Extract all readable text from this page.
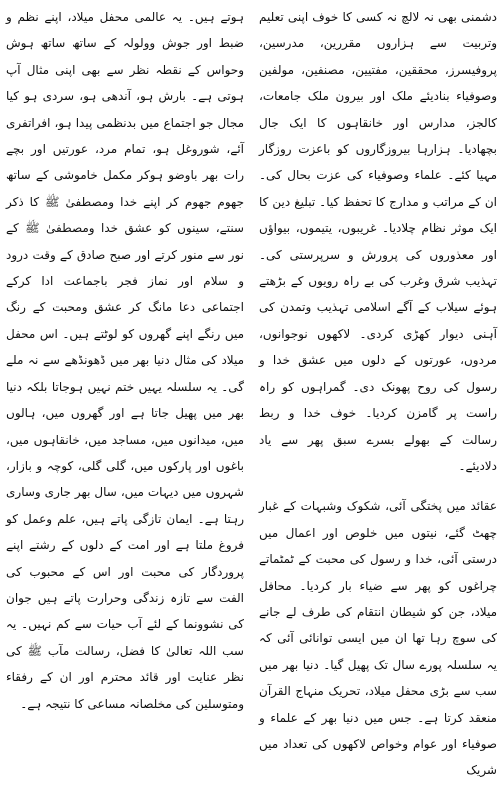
دشمنی بھی نہ لالچ نہ کسی کا خوف اپنی تعلیم وتربیت سے ہزاروں مقررین، مدرسین، پروفیسرز، محققین، مفتیین، مصنفین، مولفین وصوفیاء بنادیئے ملک اور بیرون ملک جامعات، کالجز، مدارس اور خانقاہوں کا ایک جال بچھادیا۔ ہزارہا بیروزگاروں کو باعزت روزگار مہیا کئے۔ علماء وصوفیاء کی عزت بحال کی۔ ان کے مراتب و مدارج کا تحفظ کیا۔ تبلیغ دین کا ایک موثر نظام چلادیا۔ غریبوں، یتیموں، بیواؤں اور معذوروں کی پرورش و سرپرستی کی۔ تہذیب شرق وغرب کی بے راہ رویوں کے بڑھتے ہوئے سیلاب کے آگے اسلامی تہذیب وتمدن کی آہنی دیوار کھڑی کردی۔ لاکھوں نوجوانوں، مردوں، عورتوں کے دلوں میں عشق خدا و رسول کی روح پھونک دی۔ گمراہوں کو راہ راست پر گامزن کردیا۔ خوف خدا و ربط رسالت کے بھولے بسرے سبق پھر سے یاد دلادیئے۔

عقائد میں پختگی آئی، شکوک وشبہات کے غبار چھٹ گئے، نیتوں میں خلوص اور اعمال میں درستی آئی، خدا و رسول کی محبت کے ٹمٹماتے چراغوں کو پھر سے ضیاء بار کردیا۔ محافل میلاد، جن کو شیطان انتقام کی طرف لے جانے کی سوچ رہا تھا ان میں ایسی توانائی آئی کہ یہ سلسلہ پورے سال تک پھیل گیا۔ دنیا بھر میں سب سے بڑی محفل میلاد، تحریک منہاج القرآن منعقد کرتا ہے۔ جس میں دنیا بھر کے علماء و صوفیاء اور عوام وخواص لاکھوں کی تعداد میں شریک

ہوتے ہیں۔ یہ عالمی محفل میلاد، اپنے نظم و ضبط اور جوش وولولہ کے ساتھ ساتھ ہوش وحواس کے نقطہ نظر سے بھی اپنی مثال آپ ہوتی ہے۔ بارش ہو، آندھی ہو، سردی ہو کیا مجال جو اجتماع میں بدنظمی پیدا ہو، افراتفری آئے، شوروغل ہو، تمام مرد، عورتیں اور بچے رات بھر باوضو ہوکر مکمل خاموشی کے ساتھ جھوم جھوم کر اپنے خدا ومصطفیٰ ﷺ کا ذکر سنتے، سینوں کو عشق خدا ومصطفیٰ ﷺ کے نور سے منور کرتے اور صبح صادق کے وقت درود و سلام اور نماز فجر باجماعت ادا کرکے اجتماعی دعا مانگ کر عشق ومحبت کے رنگ میں رنگے اپنے گھروں کو لوٹتے ہیں۔ اس محفل میلاد کی مثال دنیا بھر میں ڈھونڈھے سے نہ ملے گی۔ یہ سلسلہ یہیں ختم نہیں ہوجاتا بلکہ دنیا بھر میں پھیل جاتا ہے اور گھروں میں، ہالوں میں، میدانوں میں، مساجد میں، خانقاہوں میں، باغوں اور پارکوں میں، گلی گلی، کوچہ و بازار، شہروں میں دیہات میں، سال بھر جاری وساری رہتا ہے۔ ایمان تازگی پاتے ہیں، علم وعمل کو فروغ ملتا ہے اور امت کے دلوں کے رشتے اپنے پروردگار کی محبت اور اس کے محبوب کی الفت سے تازہ زندگی وحرارت پاتے ہیں جوان کی نشوونما کے لئے آب حیات سے کم نہیں۔ یہ سب اللہ تعالیٰ کا فضل، رسالت مآب ﷺ کی نظر عنایت اور قائد محترم اور ان کے رفقاء ومتوسلین کی مخلصانہ مساعی کا نتیجہ ہے۔
